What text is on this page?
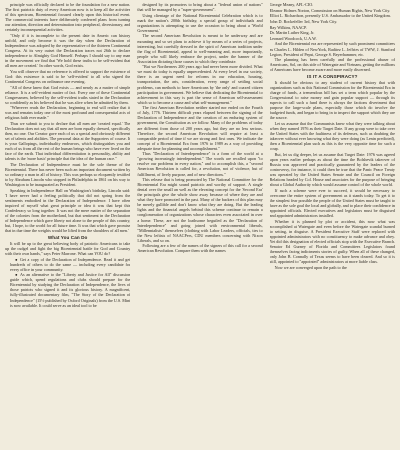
principle was officially declared to be the foundation for a new nation. The first patriotic duty of every American now is to keep all the activities of this spectrum, Bicentennial focused clearly upon this historical event. The commercial interests have deliberately conferred plans from turning our attention, direction and determination into peripheral, diversionary, and certainly inconsequential activities.

"Only if it is incomplete to the present date in Americ can history unfold, and only become it was the day when the Declaration of Independence was adopted by the representative of the thirteen Continental Congress. At its very outset the Declaration traces not 26th to declare independence to Almighty God Himself. Perhaps I should say to any man in the movement we find that 'We hold these truths to be self-evident that all men are created.' In other words, God exists.

You will observe that no reference is offered to support the existence of God: this existence is said to be 'self-evident' to all who signed the Continental Congress on ordinance one evening.

"All of these knew that God exists — and nearly as a matter of simple reliance. It is a self-evident matter of fact. Every one of these Continental Congressmen, believed by the self-evident truths stated in the Declaration so confidently as his believed that he was alive when he admitted by them.

"Wherever reads the Declaration, beginning to end will realize that it was and remains today one of the most profound and consequential acts of religious faith ever made."

Thus we submit to you to declare that all men are 'created equal.' The Declaration does not say that all men are born equally dressed, specifically then, no one. Our Creator gave each of us a special and obviously different set of talents and abilities. The personal data at the Supporters of course. It is your Gallopings, individuality endeavors, which distinguishes you and each of us from all the rest of the human beings who have ever lived on the face of the earth. That individual differentiation is personality, ability and talents is the 'more basic' principle that the idea of the human race."

The Declaration of Independence must be the sole theme of the Bicentennial. There has never been such an important document written by so ordinary a man in all of history. This was perhaps so eloquently testified to by Abraham Lincoln who stopped in Philadelphia in 1861 on his way to Washington to be inaugurated as President.

Speaking in Independence Hall on Washington's birthday, Lincoln said: 'I have never had a feeling politically that did not spring from the sentiments embodied in the Declaration of Independence. I have often inquired of myself what great principle or idea it was that kept this Confederacy so long together. It was not the mere matter of the separation of the colonies from the motherland, but that sentiment in the Declaration of Independence which gave liberty not alone to the people of this country, but, I hope, to the world for all future time. It was that which gave promise that in due time the weights would be lifted from the shoulders of all men.'

What You Can Do

It will be up to the great believing body of patriotic Americans to take up the cudgel and fight the big Bicentennial battle for God and Country with their own hands," says Peter Marrone. What can YOU do?

● Get a copy of the Declaration of Independence. Read it and get hundreds of others to do the same — including every candidate for every office in your community.

● As an alternative to the "Liberty and Justice for All" discussion guide which, spend regulations and clubs should prepare for the Bicentennial by studying the Declaration of Independence, the lives of those patriots who signed it and its glorious history. A magnificent, fully-illustrated documentary film, "The Story of the Declaration of Independence" (15½ published by Oxford Originals) from the U.S. Mint is now available. It could serve as an ideal tool to be

designed by its promoters to bring about a "federal union of nations" that will be managed by a "super-government".

Using clientage of the National Bicentennial Celebration which is to mark the nation's 200th birthday, a special group of individuals and organizations is attempting to use the occasion to bring about a 'World Government.'

The second American Revolution is meant to be underway and are mounting and so set plans to achieve it by means of a series of projects, interesting, but carefully dressed in the spirit of American tradition under the flag of Bicentennial, appeal to well-meaning and, more importantly, people who will likely embrace the project, under the banner of the Association dictating those causes to which they contribute.

"But we Northerners 200 years ago had never been more divided. What we must do today is equally unprecedented. At every level in our society, there is an urgent need for reforms in our education, housing, transportation, the arts, consideration, every range of settling social problems, can methods to have Americans by 'the only' and coaxed citizen participation in government. We believe that dedicating the Bicentennial to achievement in this way is part the sense of American self-assessment which so to become a cause and what self-management."

The first American Revolution neither started nor ended on the Fourth of July, 1776. Thirteen difficult years elapsed between the signing of the Declaration of Independence and the creation of an enduring system of government, the Constitution as we follow. Many of the problems of today are different from those of 200 years ago, but they are no less serious. Therefore, the second American Revolution will require at least a comparable period of time if we are strong and first ones. We indicate the concept of a Bicentennial Era from 1976 to 1989 as a way of providing adequate time for planning and accomplishment."

Thus "Declaration of Interdependence" is a form of the world at a "growing increasingly interdependent." The words are recalled upon "to resolve our problems in every nation," and to accomplish this, a "second American Revolution is called for, a revolution, not of violence, but of fulfillment, of lively purpose, and of new directions."

This release that is being promoted by The National Committee for the Bicentennial Era might sound patriotic and worthy of support. A single denial over the small an well as the elevating concept for the 'Second Era' the principals give the whole show away because of where they are and what they have promoted in the past. Many of the backers of this plan may be merely gullible and don't know what they are doing. But the leading lights and the financial angels behind this scheme continue to remain a conglomeration of organizations whose characters even associated in over a home. These, are not the loathsome beguiled as the "Declaration of Interdependence" and going joined with environmental liberals, "Millennialists" themselves (clothing with Labor Leaders, officials, ties to the New leftists of NAACPers, CDU members concerning with Nixon Liberals, and so on.

Following are a few of the names of the signers of this call for a second American Revolution. Compare them with the names

George Meany, AFL-CIO.

Eleanor Holmes Norton, Commission on Human Rights, New York City.

Elliot L. Richardson, presently U.S. Ambassador to the United Kingdom.

John D. Rockefeller 3rd, New York City.

Ray Wilkins, NAACP.

Dr. Martin Luther King, Jr.

Leonard Woodcock, U.A.W.

And the Bicentennial era are represented by such prominent committees as Charles L. Hilden of NewYork, Raditez L. Jeffries of TWW, J. Stanford Legion, President of Pepsi, George S. Beyerhammer, etc.

The planning has been carefully and the professional abuser of Americans, Sol, on this side of Watergate and Vietnam, getting the millions of Americans have become aware and more easily discerned.

IS IT A CONSPIRACY?

It should be obvious to any student of current history that with organizations such as this National Commission for the Bicentennial Era in charge of funds, a tremendous bill has set a term which popular by the Congressional to raise money and gain popular support — through its aspects to call such a fund there is always the factions divertment that purpose the large-scale plans, especially those which do involve the budgeted funds, and began to bring in to inspect the support which they are the source.

Let us assume that the Communists knew what they were talking about when they named 1976 as their Target Date. If any group were to take over the United States with the faultiness of its defenses, such as doubting the takeover without ever knowing what they were doing (as Lenin predicted), then a Bicentennial plan such as this is the very opposite time for such a coup.

But, let us dig deeper, let us assume that Target Date: 1976 was agreed upon years earlier perhaps as about the time the Bolshevik takeover of Russia was approved and practically guaranteed by the leaders of the controversy, for instance, it could then be true that the Panic Peace Treaty was operated by the United States Senate and the Council on Foreign Relations headed by Col. House and associates for the purpose of bringing about a Global Authority which would assume control of the whole world.

If such a scheme were ever to succeed, it would be necessary to overcome the entire system of government as it stands today. To get it to the simplest fear possible the people of the United States must be taught to have as the sole goal the local and globally, and to place their confidence in appointed officials. Elected executives and legislators must be disguised and appointed administrators installed.

Whether it is planned by plot or accident, this now what was accomplished at Watergate and even before the Watergate scandal burned to setting, in disguise. A President Executive Staff were replaced with appointed administrators with no constituency to make advance and obey. Yet did this designation of elected officials stop with the Executive Branch. Senator Ed Gurney of Florida and Committees Legislators found themselves facing indictments stories of guilty. When all of these changed, only John B. Connally of Texas seems to have been cleared. And so it is still, appointed to "appointed" administrators at more liable class.

Now we are converged upon the path to the
